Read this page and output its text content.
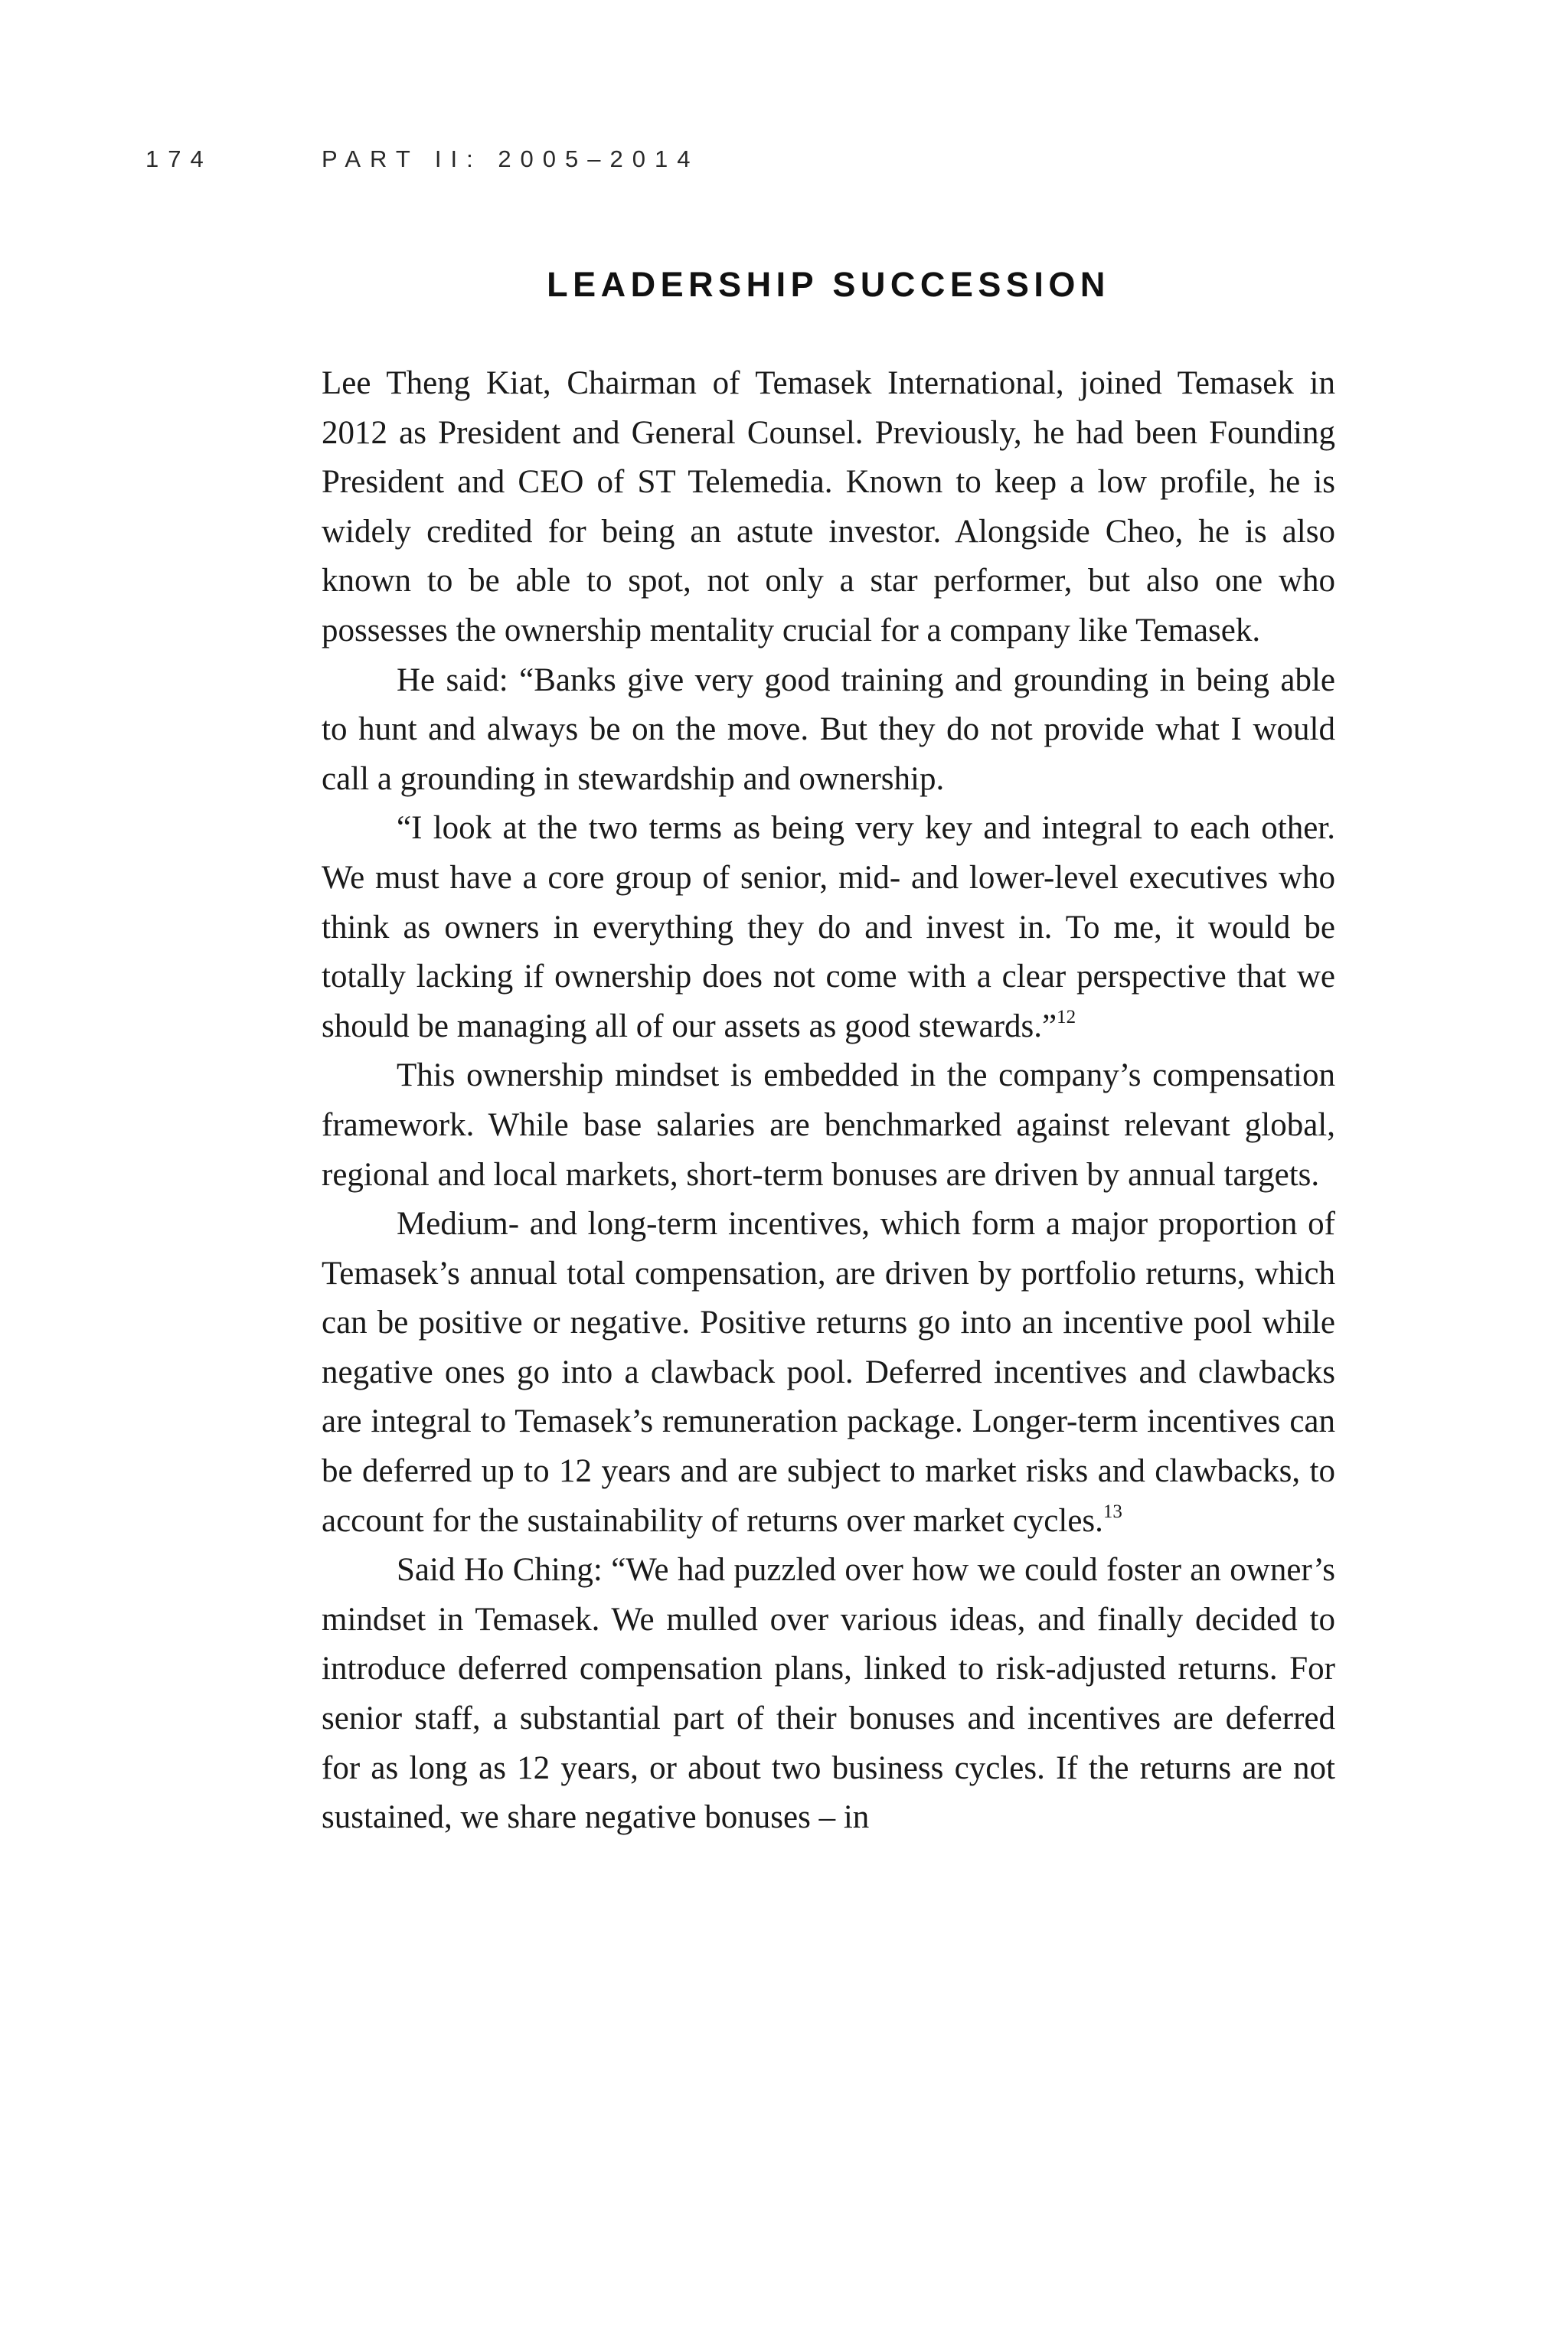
174	PART II: 2005–2014
LEADERSHIP SUCCESSION

Lee Theng Kiat, Chairman of Temasek International, joined Temasek in 2012 as President and General Counsel. Previously, he had been Founding President and CEO of ST Telemedia. Known to keep a low profile, he is widely credited for being an astute investor. Alongside Cheo, he is also known to be able to spot, not only a star performer, but also one who possesses the ownership mentality crucial for a company like Temasek.

He said: “Banks give very good training and grounding in being able to hunt and always be on the move. But they do not provide what I would call a grounding in stewardship and ownership.

“I look at the two terms as being very key and integral to each other. We must have a core group of senior, mid- and lower-level executives who think as owners in everything they do and invest in. To me, it would be totally lacking if ownership does not come with a clear perspective that we should be managing all of our assets as good stewards.”$^{12}$

This ownership mindset is embedded in the company’s compensation framework. While base salaries are benchmarked against relevant global, regional and local markets, short-term bonuses are driven by annual targets.

Medium- and long-term incentives, which form a major proportion of Temasek’s annual total compensation, are driven by portfolio returns, which can be positive or negative. Positive returns go into an incentive pool while negative ones go into a clawback pool. Deferred incentives and clawbacks are integral to Temasek’s remuneration package. Longer-term incentives can be deferred up to 12 years and are subject to market risks and clawbacks, to account for the sustainability of returns over market cycles.$^{13}$

Said Ho Ching: “We had puzzled over how we could foster an owner’s mindset in Temasek. We mulled over various ideas, and finally decided to introduce deferred compensation plans, linked to risk-adjusted returns. For senior staff, a substantial part of their bonuses and incentives are deferred for as long as 12 years, or about two business cycles. If the returns are not sustained, we share negative bonuses – in
